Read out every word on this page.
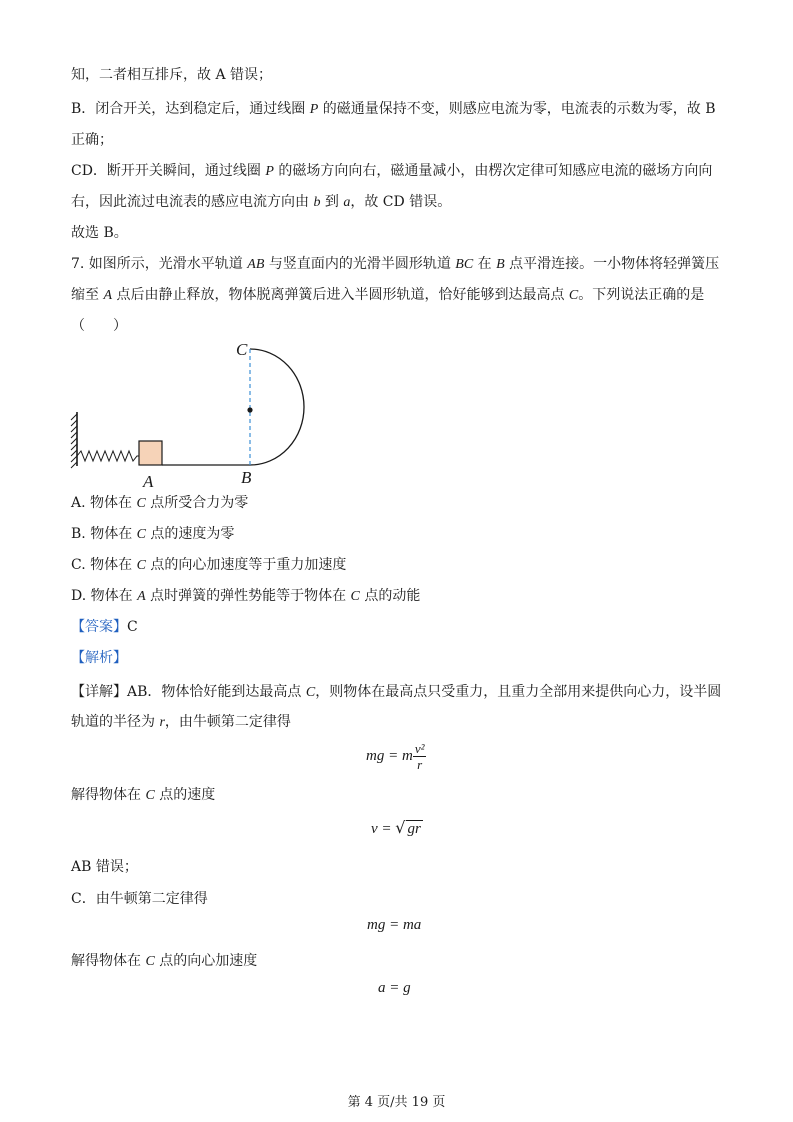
知，二者相互排斥，故 A 错误；
B．闭合开关，达到稳定后，通过线圈 P 的磁通量保持不变，则感应电流为零，电流表的示数为零，故 B
正确；
CD．断开开关瞬间，通过线圈 P 的磁场方向向右，磁通量减小，由楞次定律可知感应电流的磁场方向向
右，因此流过电流表的感应电流方向由 b 到 a，故 CD 错误。
故选 B。
7. 如图所示，光滑水平轨道 AB 与竖直面内的光滑半圆形轨道 BC 在 B 点平滑连接。一小物体将轻弹簧压
缩至 A 点后由静止释放，物体脱离弹簧后进入半圆形轨道，恰好能够到达最高点 C。下列说法正确的是
（　　）
C
A	B
A. 物体在 C 点所受合力为零
B. 物体在 C 点的速度为零
C. 物体在 C 点的向心加速度等于重力加速度
D. 物体在 A 点时弹簧的弹性势能等于物体在 C 点的动能
【答案】C
【解析】
【详解】AB．物体恰好能到达最高点 C，则物体在最高点只受重力，且重力全部用来提供向心力，设半圆
轨道的半径为 r，由牛顿第二定律得
mg = m $\frac{\text{v²}}{r}$
解得物体在 C 点的速度
v = √ gr
AB 错误；
C．由牛顿第二定律得
mg = ma
解得物体在 C 点的向心加速度
a = g
第 4 页/共 19 页
